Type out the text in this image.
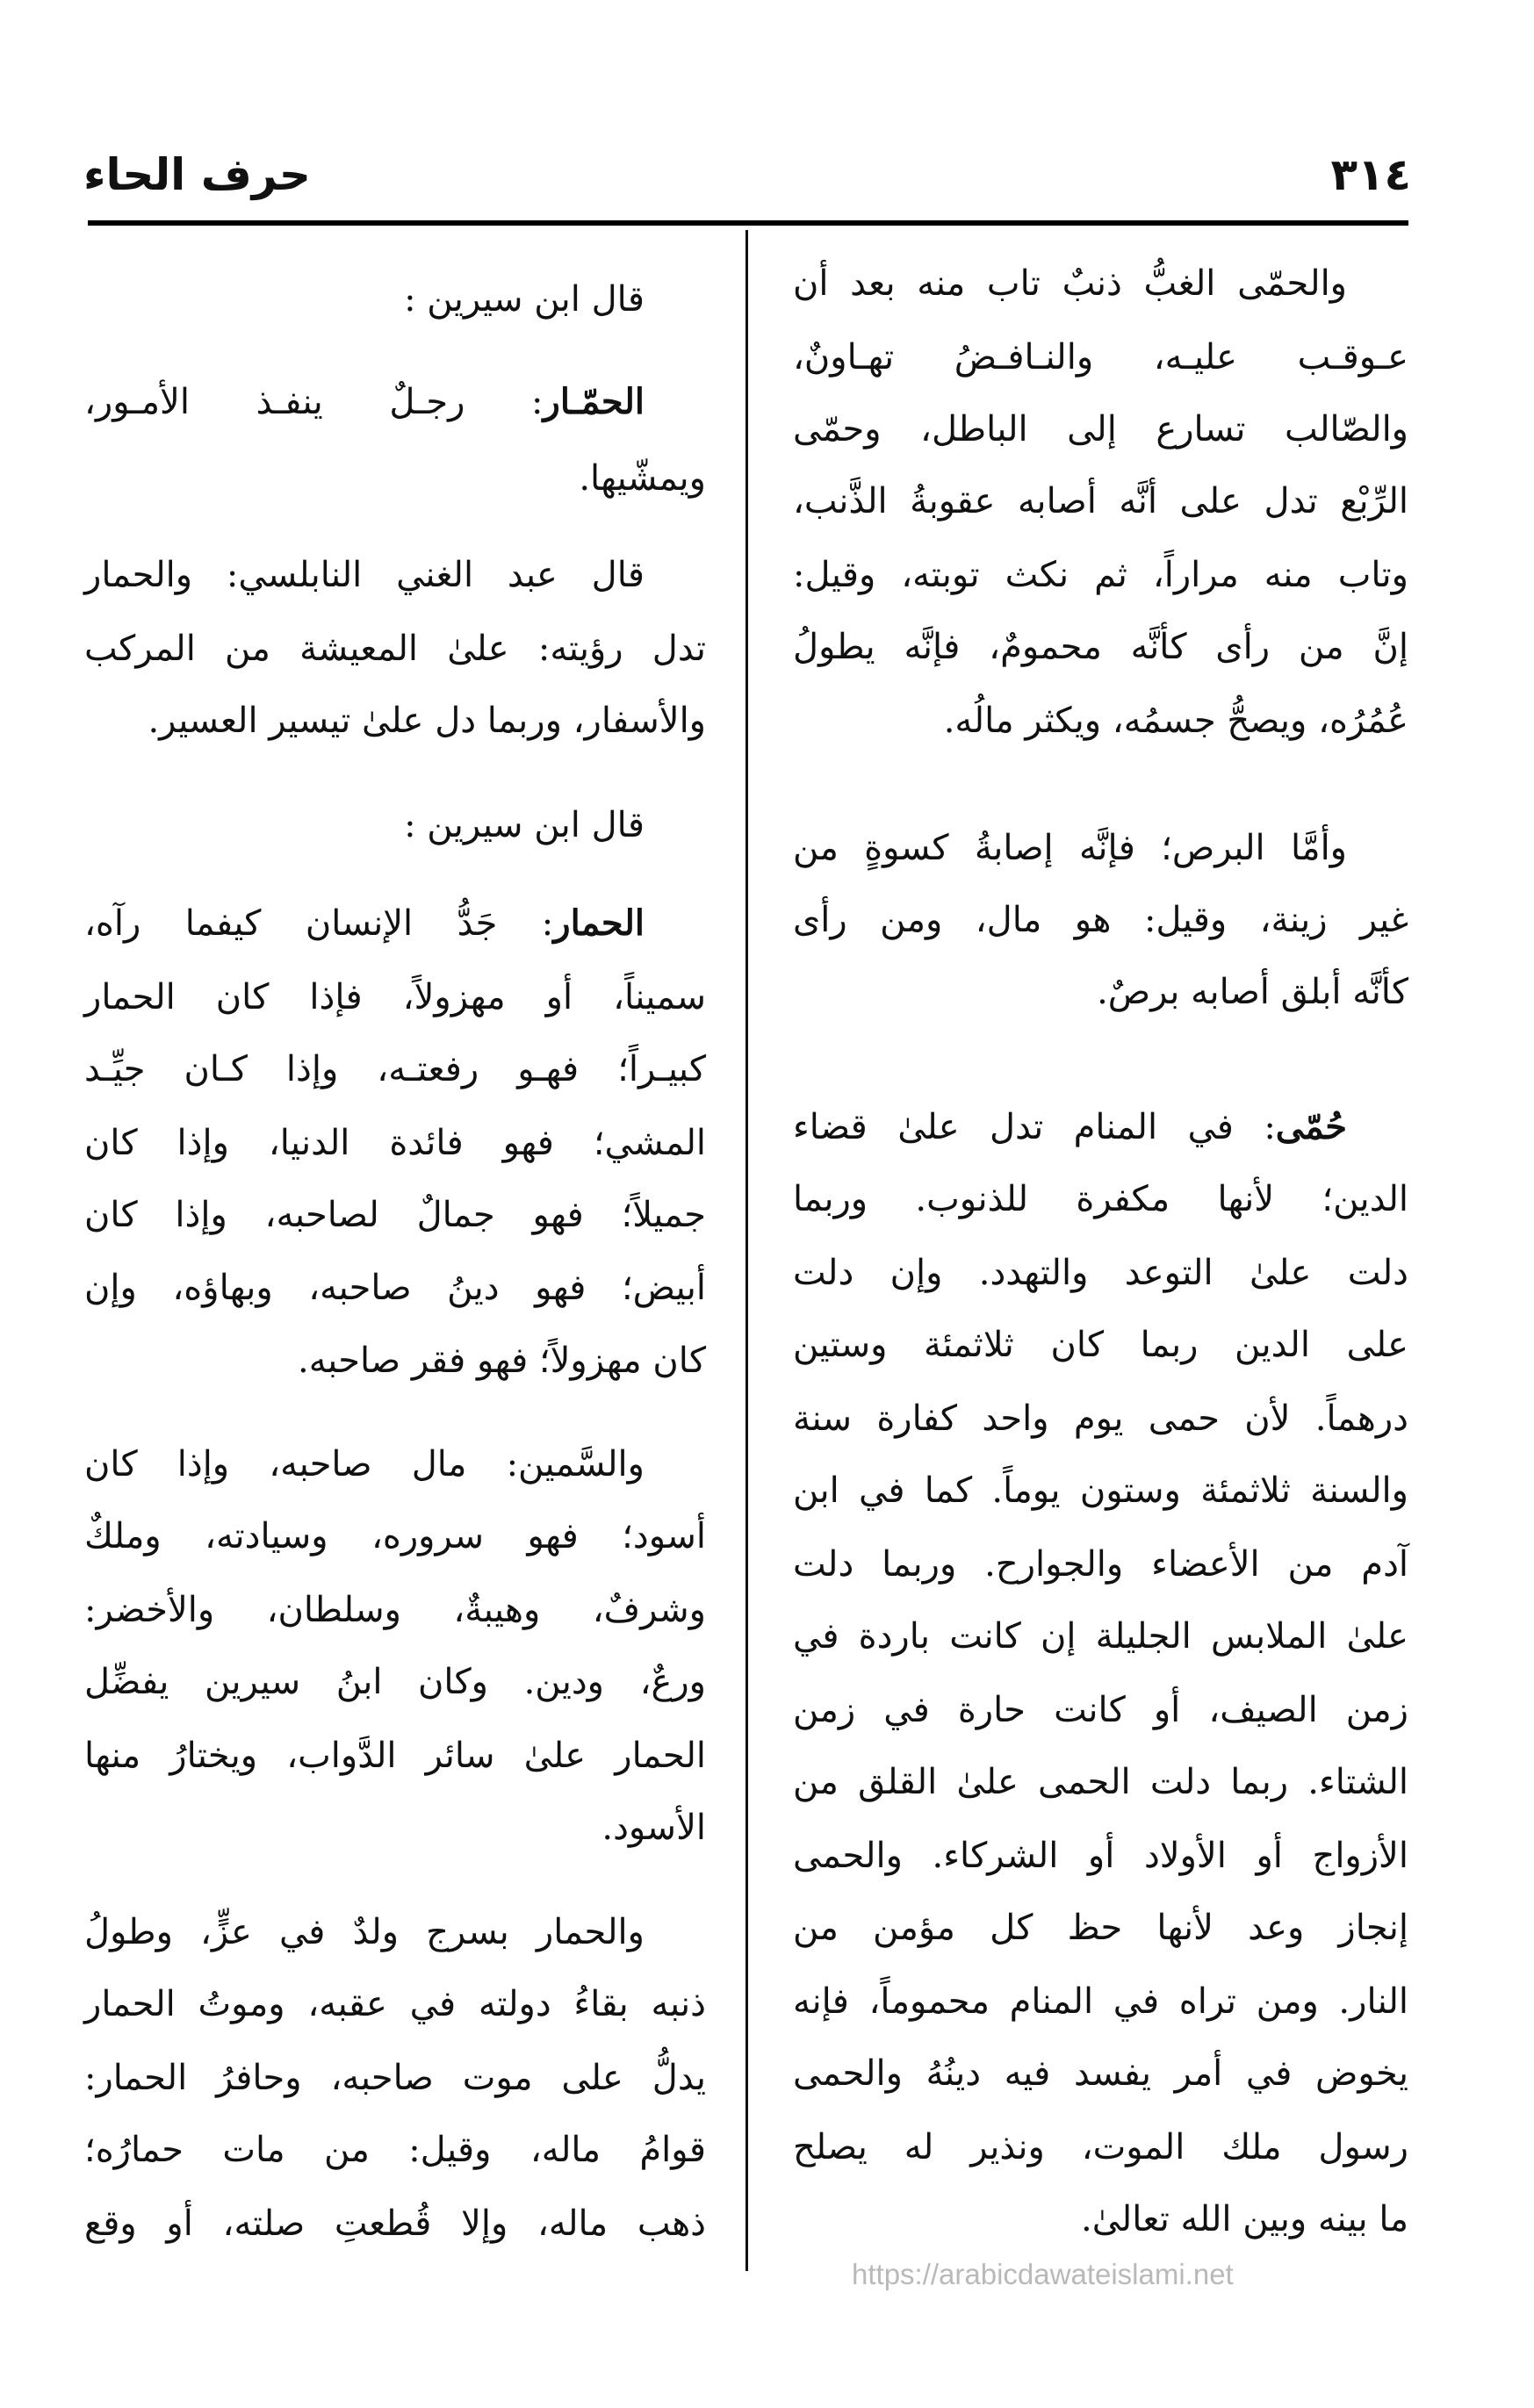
٣١٤
حرف الحاء
والحمّى الغبُّ ذنبٌ تاب منه بعد أن
عـوقـب عليـه، والنـافـضُ تهـاونٌ،
والصّالب تسارع إلى الباطل، وحمّى
الرِّبْع تدل على أنَّه أصابه عقوبةُ الذَّنب،
وتاب منه مراراً، ثم نكث توبته، وقيل:
إنَّ من رأى كأنَّه محمومٌ، فإنَّه يطولُ
عُمُرُه، ويصحُّ جسمُه، ويكثر مالُه.
وأمَّا البرص؛ فإنَّه إصابةُ كسوةٍ من
غير زينة، وقيل: هو مال، ومن رأى
كأنَّه أبلق أصابه برصٌ.
حُمّى: في المنام تدل علىٰ قضاء
الدين؛ لأنها مكفرة للذنوب. وربما
دلت علىٰ التوعد والتهدد. وإن دلت
على الدين ربما كان ثلاثمئة وستين
درهماً. لأن حمى يوم واحد كفارة سنة
والسنة ثلاثمئة وستون يوماً. كما في ابن
آدم من الأعضاء والجوارح. وربما دلت
علىٰ الملابس الجليلة إن كانت باردة في
زمن الصيف، أو كانت حارة في زمن
الشتاء. ربما دلت الحمى علىٰ القلق من
الأزواج أو الأولاد أو الشركاء. والحمى
إنجاز وعد لأنها حظ كل مؤمن من
النار. ومن تراه في المنام محموماً، فإنه
يخوض في أمر يفسد فيه دينُهُ والحمى
رسول ملك الموت، ونذير له يصلح
ما بينه وبين الله تعالىٰ.
قال ابن سيرين :
الحمّـار: رجـلٌ ينفـذ الأمـور،
ويمشّيها.
قال عبد الغني النابلسي: والحمار
تدل رؤيته: علىٰ المعيشة من المركب
والأسفار، وربما دل علىٰ تيسير العسير.
قال ابن سيرين :
الحمار: جَدُّ الإنسان كيفما رآه،
سميناً، أو مهزولاً، فإذا كان الحمار
كبيـراً؛ فهـو رفعتـه، وإذا كـان جيِّـد
المشي؛ فهو فائدة الدنيا، وإذا كان
جميلاً؛ فهو جمالٌ لصاحبه، وإذا كان
أبيض؛ فهو دينُ صاحبه، وبهاؤه، وإن
كان مهزولاً؛ فهو فقر صاحبه.
والسَّمين: مال صاحبه، وإذا كان
أسود؛ فهو سروره، وسيادته، وملكٌ
وشرفٌ، وهيبةٌ، وسلطان، والأخضر:
ورعٌ، ودين. وكان ابنُ سيرين يفضِّل
الحمار علىٰ سائر الدَّواب، ويختارُ منها
الأسود.
والحمار بسرج ولدٌ في عزٍّ، وطولُ
ذنبه بقاءُ دولته في عقبه، وموتُ الحمار
يدلُّ على موت صاحبه، وحافرُ الحمار:
قوامُ ماله، وقيل: من مات حمارُه؛
ذهب ماله، وإلا قُطعتِ صلته، أو وقع
https://arabicdawateislami.net
